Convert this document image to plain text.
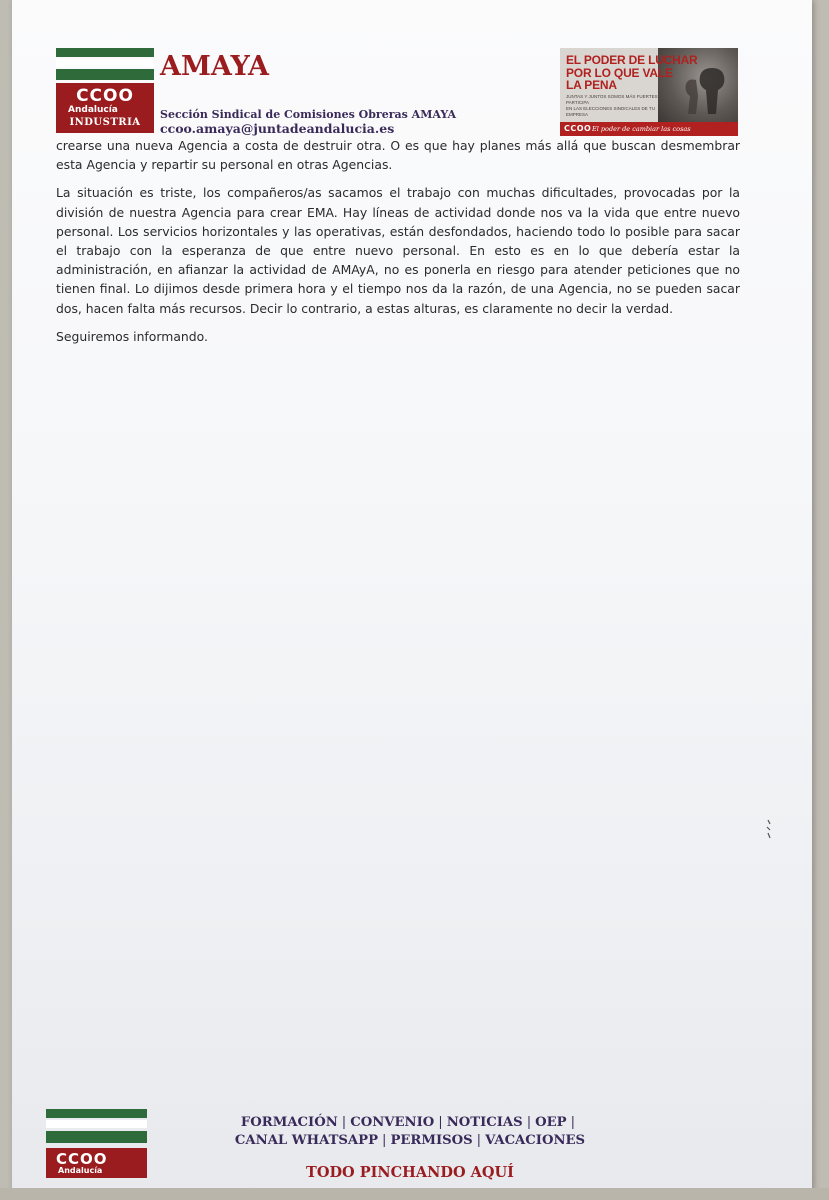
CCOO
Andalucía
INDUSTRIA
AMAYA
Sección Sindical de Comisiones Obreras AMAYA
ccoo.amaya@juntadeandalucia.es
EL PODER DE LUCHAR
POR LO QUE VALE
LA PENA
JUNTAS Y JUNTOS SOMOS MÁS FUERTES. PARTICIPA
EN LAS ELECCIONES SINDICALES DE TU EMPRESA
CCOO El poder de cambiar las cosas

crearse una nueva Agencia a costa de destruir otra. O es que hay planes más allá que buscan desmembrar esta Agencia y repartir su personal en otras Agencias.

La situación es triste, los compañeros/as sacamos el trabajo con muchas dificultades, provocadas por la división de nuestra Agencia para crear EMA. Hay líneas de actividad donde nos va la vida que entre nuevo personal. Los servicios horizontales y las operativas, están desfondados, haciendo todo lo posible para sacar el trabajo con la esperanza de que entre nuevo personal. En esto es en lo que debería estar la administración, en afianzar la actividad de AMAyA, no es ponerla en riesgo para atender peticiones que no tienen final. Lo dijimos desde primera hora y el tiempo nos da la razón, de una Agencia, no se pueden sacar dos, hacen falta más recursos. Decir lo contrario, a estas alturas, es claramente no decir la verdad.

Seguiremos informando.

CCOO
Andalucía
FORMACIÓN | CONVENIO | NOTICIAS | OEP |
CANAL WHATSAPP | PERMISOS | VACACIONES
TODO PINCHANDO AQUÍ
